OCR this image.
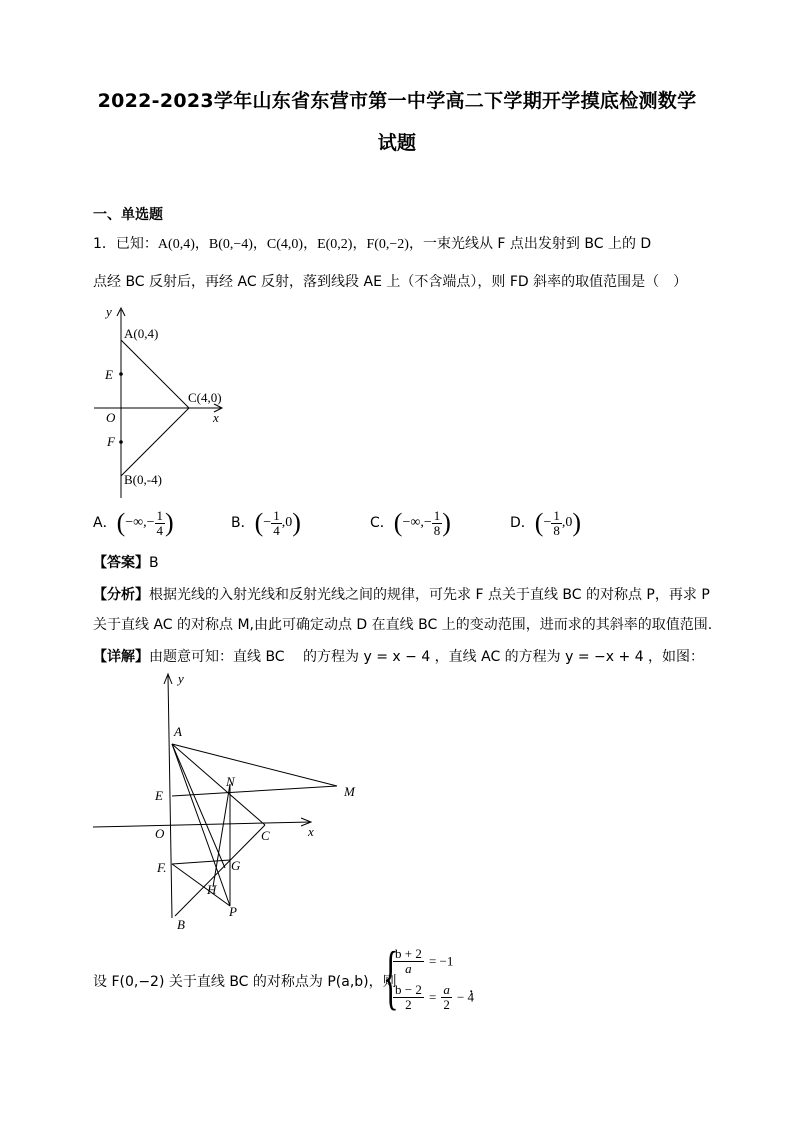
2022-2023学年山东省东营市第一中学高二下学期开学摸底检测数学
试题
一、单选题
1．已知：A(0,4)，B(0,−4)，C(4,0)，E(0,2)，F(0,−2)，一束光线从 F 点出发射到 BC 上的 D
点经 BC 反射后，再经 AC 反射，落到线段 AE 上（不含端点），则 FD 斜率的取值范围是（　）
y
x
A(0,4)
E
O
C(4,0)
F
B(0,-4)
A．(−∞,− $\frac{1}{4}$ )	B．(− $\frac{1}{4} ,0$)	C．(−∞,− $\frac{1}{8}$ )	D．(− $\frac{1}{8} ,0$)
【答案】B
【分析】根据光线的入射光线和反射光线之间的规律，可先求 F 点关于直线 BC 的对称点 P，再求 P
关于直线 AC 的对称点 M,由此可确定动点 D 在直线 BC 上的变动范围，进而求的其斜率的取值范围.
【详解】由题意可知：直线 BC 　的方程为 y = x − 4 ，直线 AC 的方程为 y = −x + 4 ，如图：
y
x
A
N
M
E
O	C
F.	G
H
P
B
设 F(0,−2) 关于直线 BC 的对称点为 P(a,b)，则
{
$\frac{b + 2}{a} = -1$
$\frac{b - 2}{2} = \frac{a}{2} - 4$
，
